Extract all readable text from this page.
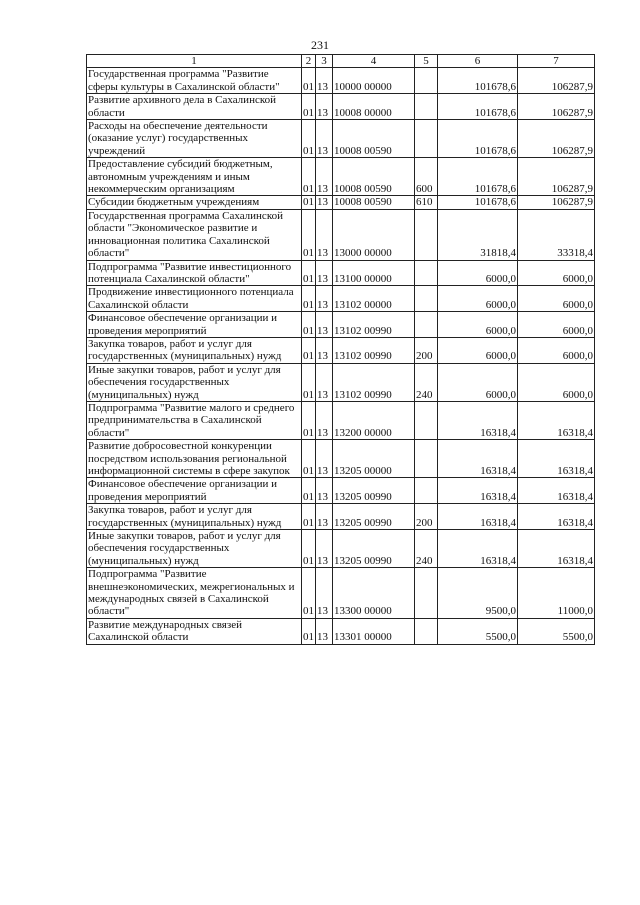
231
1	2	3	4	5	6	7
Государственная программа "Развитие сферы культуры в Сахалинской области"	01	13	10000 00000		101678,6	106287,9
Развитие архивного дела в Сахалинской области	01	13	10008 00000		101678,6	106287,9
Расходы на обеспечение деятельности (оказание услуг) государственных учреждений	01	13	10008 00590		101678,6	106287,9
Предоставление субсидий бюджетным, автономным учреждениям и иным некоммерческим организациям	01	13	10008 00590	600	101678,6	106287,9
Субсидии бюджетным учреждениям	01	13	10008 00590	610	101678,6	106287,9
Государственная программа Сахалинской области "Экономическое развитие и инновационная политика Сахалинской области"	01	13	13000 00000		31818,4	33318,4
Подпрограмма "Развитие инвестиционного потенциала Сахалинской области"	01	13	13100 00000		6000,0	6000,0
Продвижение инвестиционного потенциала Сахалинской области	01	13	13102 00000		6000,0	6000,0
Финансовое обеспечение организации и проведения мероприятий	01	13	13102 00990		6000,0	6000,0
Закупка товаров, работ и услуг для государственных (муниципальных) нужд	01	13	13102 00990	200	6000,0	6000,0
Иные закупки товаров, работ и услуг для обеспечения государственных (муниципальных) нужд	01	13	13102 00990	240	6000,0	6000,0
Подпрограмма "Развитие малого и среднего предпринимательства в Сахалинской области"	01	13	13200 00000		16318,4	16318,4
Развитие добросовестной конкуренции посредством использования региональной информационной системы в сфере закупок	01	13	13205 00000		16318,4	16318,4
Финансовое обеспечение организации и проведения мероприятий	01	13	13205 00990		16318,4	16318,4
Закупка товаров, работ и услуг для государственных (муниципальных) нужд	01	13	13205 00990	200	16318,4	16318,4
Иные закупки товаров, работ и услуг для обеспечения государственных (муниципальных) нужд	01	13	13205 00990	240	16318,4	16318,4
Подпрограмма "Развитие внешнеэкономических, межрегиональных и международных связей в Сахалинской области"	01	13	13300 00000		9500,0	11000,0
Развитие международных связей Сахалинской области	01	13	13301 00000		5500,0	5500,0
